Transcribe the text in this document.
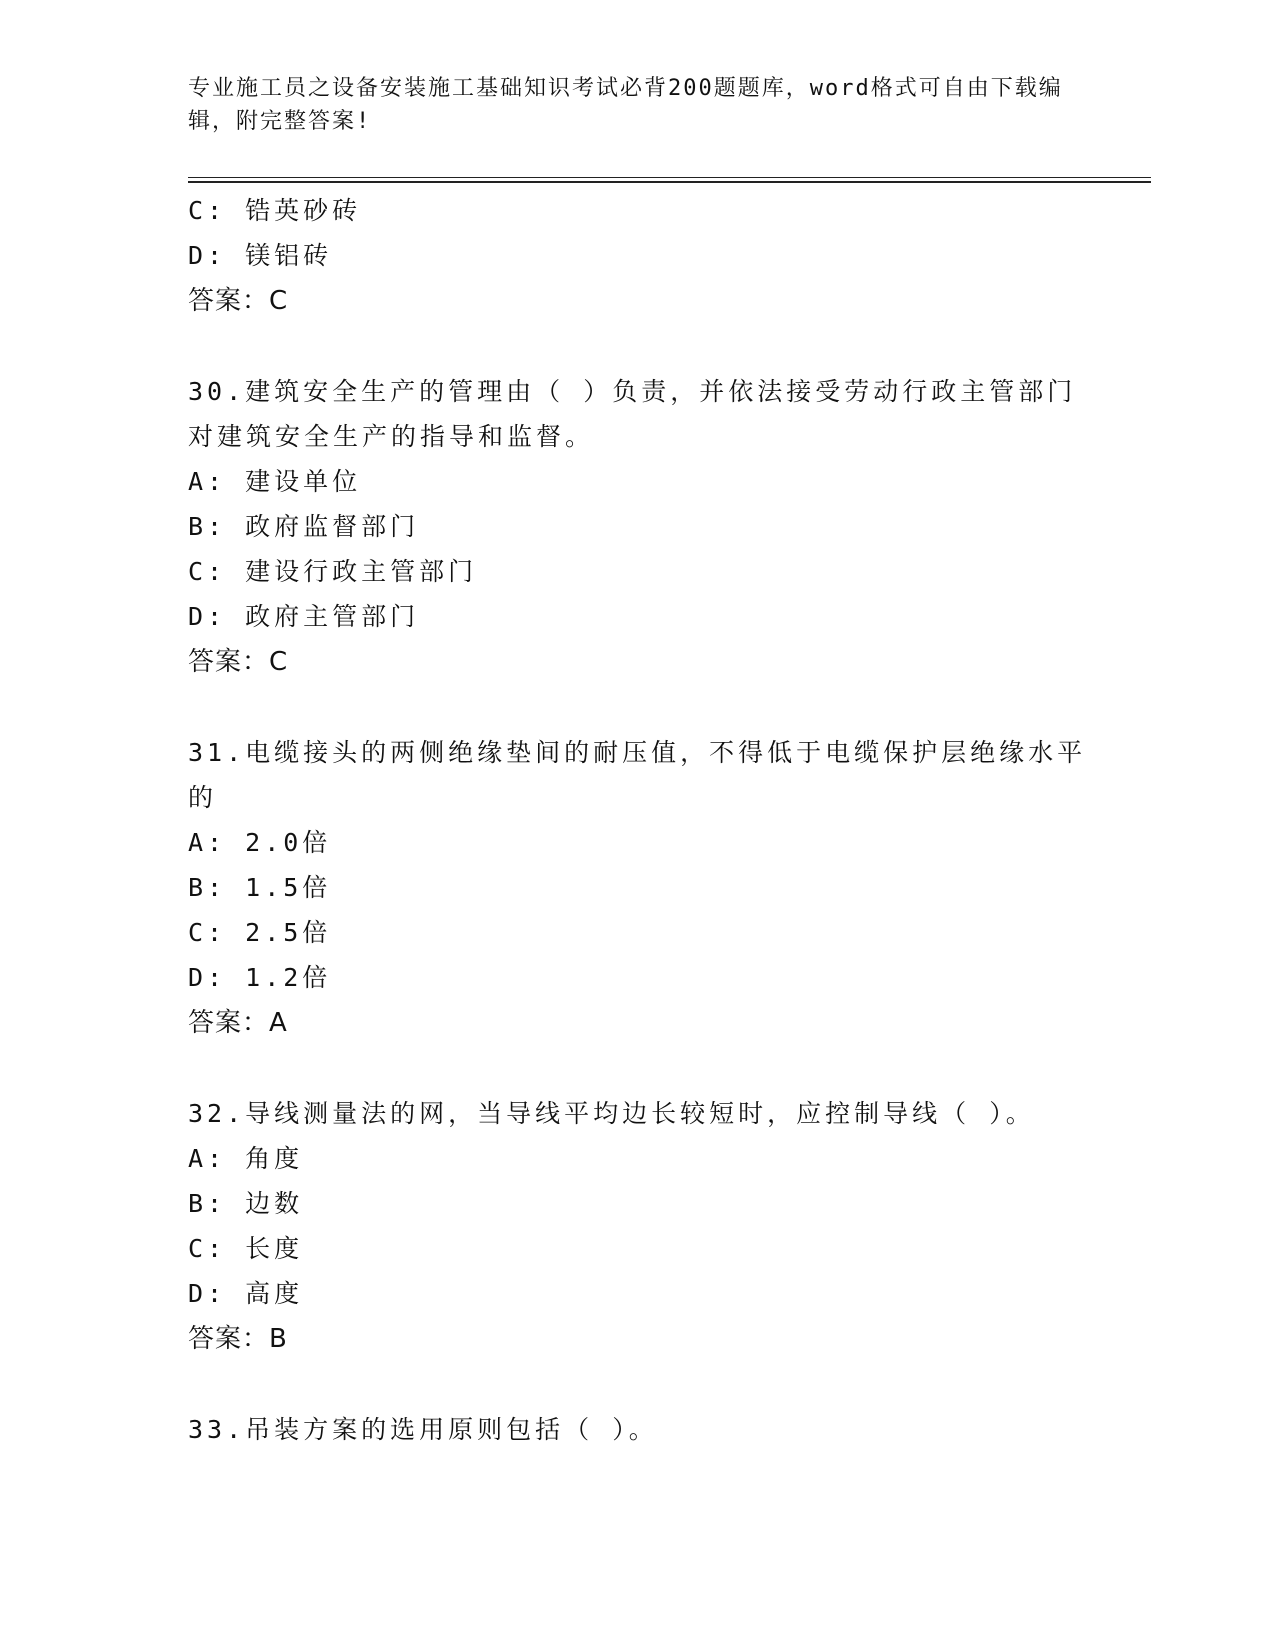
专业施工员之设备安装施工基础知识考试必背200题题库，word格式可自由下载编辑，附完整答案!

C: 锆英砂砖

D: 镁铝砖

答案：C

30.建筑安全生产的管理由（ ）负责，并依法接受劳动行政主管部门

对建筑安全生产的指导和监督。

A: 建设单位

B: 政府监督部门

C: 建设行政主管部门

D: 政府主管部门

答案：C

31.电缆接头的两侧绝缘垫间的耐压值，不得低于电缆保护层绝缘水平

的

A: 2.0倍

B: 1.5倍

C: 2.5倍

D: 1.2倍

答案：A

32.导线测量法的网，当导线平均边长较短时，应控制导线（ ）。

A: 角度

B: 边数

C: 长度

D: 高度

答案：B

33.吊装方案的选用原则包括（ ）。
